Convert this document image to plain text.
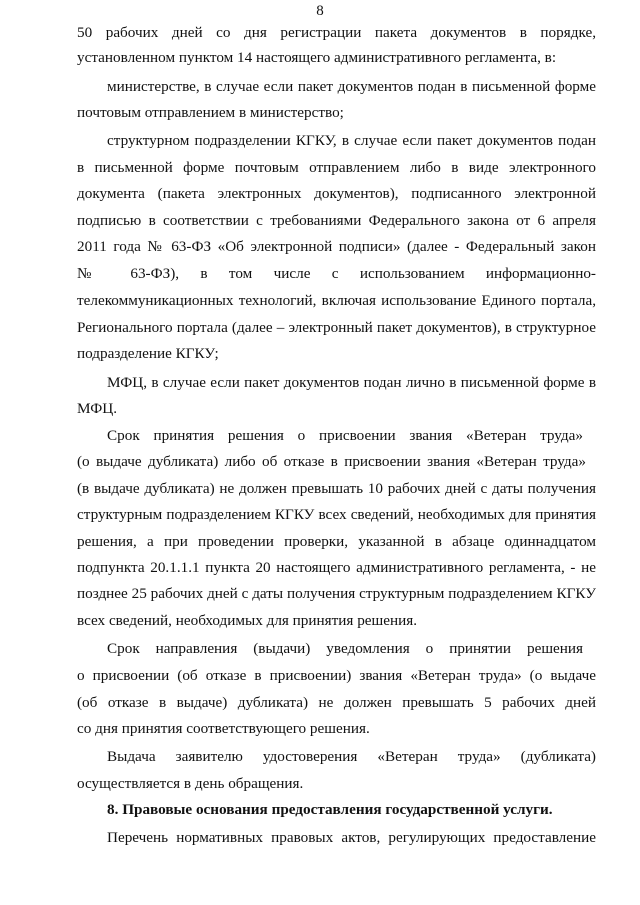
8
50 рабочих дней со дня регистрации пакета документов в порядке,
установленном пунктом 14 настоящего административного регламента, в:
министерстве, в случае если пакет документов подан в письменной форме
почтовым отправлением в министерство;
структурном подразделении КГКУ, в случае если пакет документов подан
в письменной форме почтовым отправлением либо в виде электронного
документа (пакета электронных документов), подписанного электронной
подписью в соответствии с требованиями Федерального закона от 6 апреля
2011 года № 63-ФЗ «Об электронной подписи» (далее - Федеральный закон
№ 63-ФЗ), в том числе с использованием информационно-
телекоммуникационных технологий, включая использование Единого портала,
Регионального портала (далее – электронный пакет документов), в структурное
подразделение КГКУ;
МФЦ, в случае если пакет документов подан лично в письменной форме в
МФЦ.
Срок принятия решения о присвоении звания «Ветеран труда»
(о выдаче дубликата) либо об отказе в присвоении звания «Ветеран труда»
(в выдаче дубликата) не должен превышать 10 рабочих дней с даты получения
структурным подразделением КГКУ всех сведений, необходимых для принятия
решения, а при проведении проверки, указанной в абзаце одиннадцатом
подпункта 20.1.1.1 пункта 20 настоящего административного регламента, - не
позднее 25 рабочих дней с даты получения структурным подразделением КГКУ
всех сведений, необходимых для принятия решения.
Срок направления (выдачи) уведомления о принятии решения
о присвоении (об отказе в присвоении) звания «Ветеран труда» (о выдаче
(об отказе в выдаче) дубликата) не должен превышать 5 рабочих дней
со дня принятия соответствующего решения.
Выдача заявителю удостоверения «Ветеран труда» (дубликата)
осуществляется в день обращения.
8. Правовые основания предоставления государственной услуги.
Перечень нормативных правовых актов, регулирующих предоставление
